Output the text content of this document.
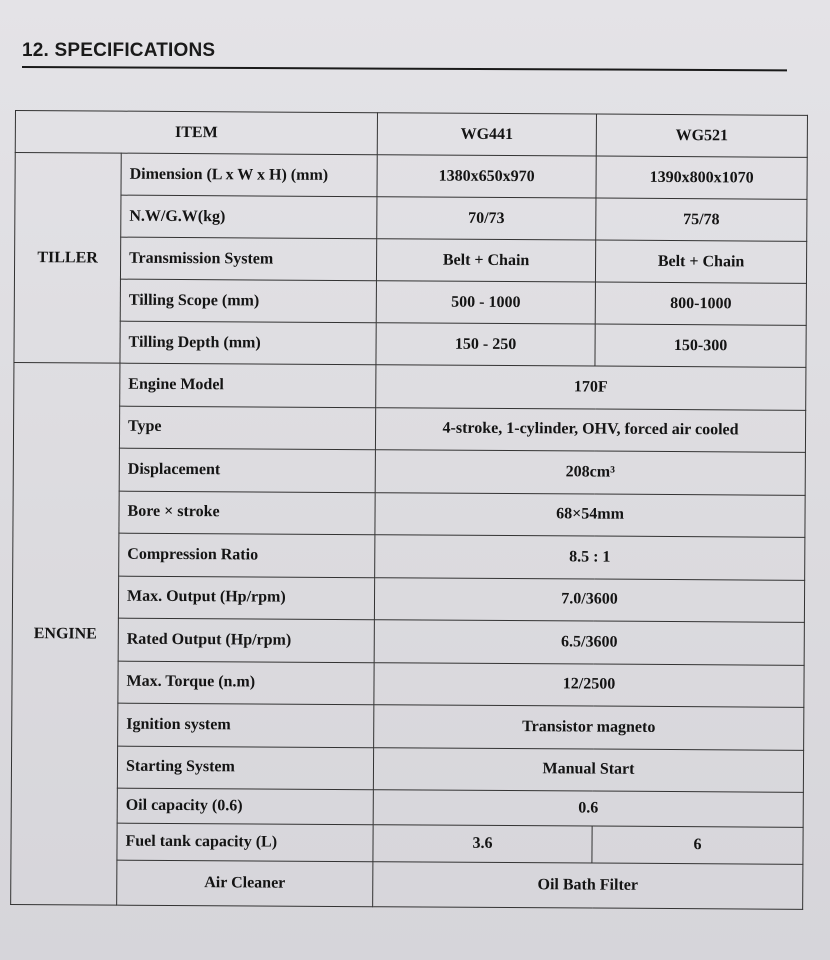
12. SPECIFICATIONS
ITEM		WG441	WG521
TILLER	Dimension (L x W x H) (mm)	1380x650x970	1390x800x1070
	N.W/G.W(kg)	70/73	75/78
	Transmission System	Belt + Chain	Belt + Chain
	Tilling Scope (mm)	500 - 1000	800-1000
	Tilling Depth (mm)	150 - 250	150-300
ENGINE	Engine Model	170F	
	Type	4-stroke, 1-cylinder, OHV, forced air cooled	
	Displacement	208cm³	
	Bore × stroke	68×54mm	
	Compression Ratio	8.5 : 1	
	Max. Output (Hp/rpm)	7.0/3600	
	Rated Output (Hp/rpm)	6.5/3600	
	Max. Torque (n.m)	12/2500	
	Ignition system	Transistor magneto	
	Starting System	Manual Start	
	Oil capacity (0.6)	0.6	
	Fuel tank capacity (L)	3.6	6
	Air Cleaner	Oil Bath Filter	
